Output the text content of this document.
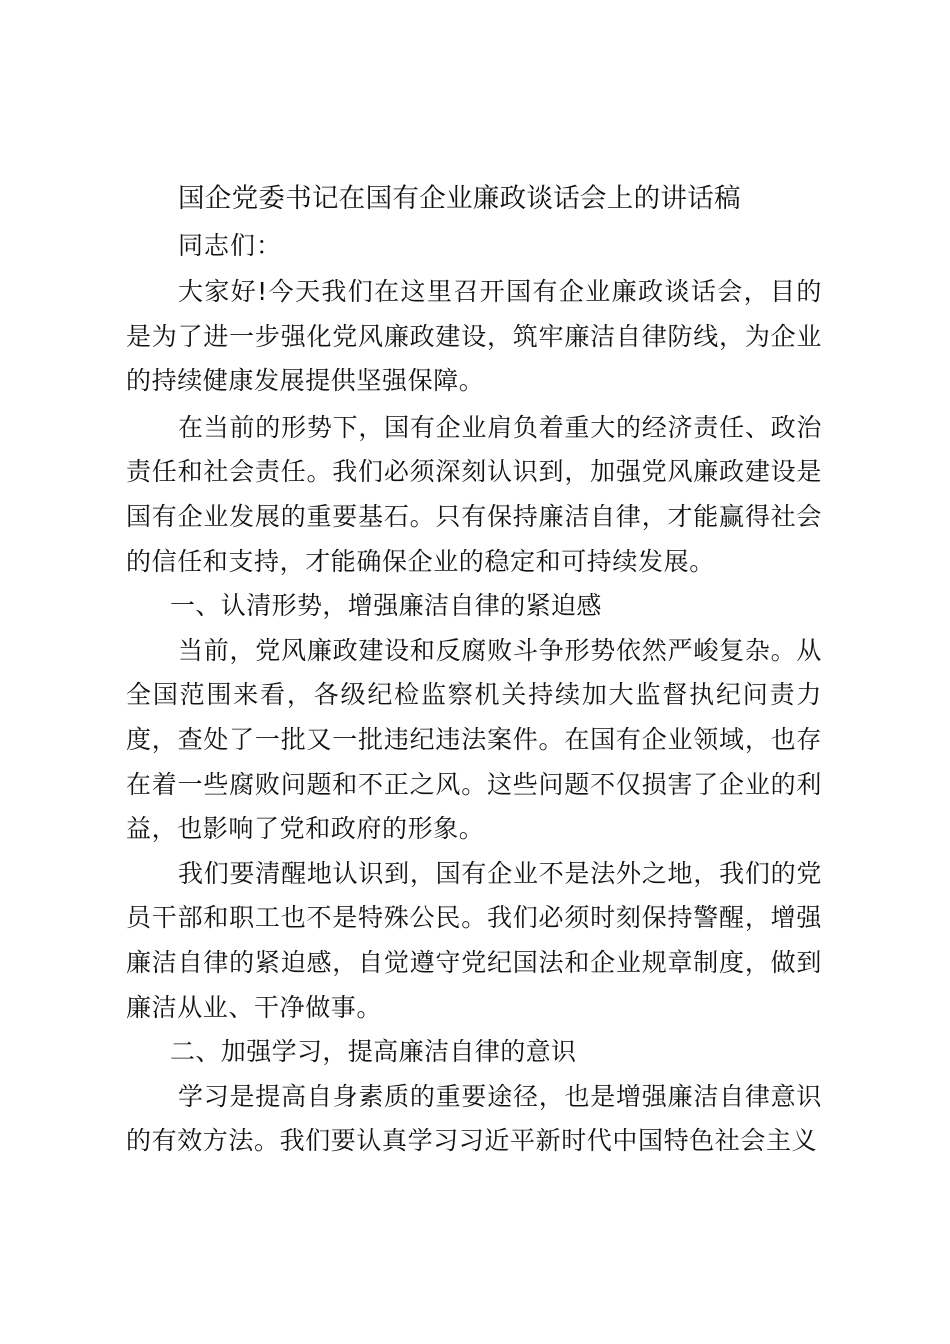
国企党委书记在国有企业廉政谈话会上的讲话稿

同志们：

大家好!今天我们在这里召开国有企业廉政谈话会，目的是为了进一步强化党风廉政建设，筑牢廉洁自律防线，为企业的持续健康发展提供坚强保障。

在当前的形势下，国有企业肩负着重大的经济责任、政治责任和社会责任。我们必须深刻认识到，加强党风廉政建设是国有企业发展的重要基石。只有保持廉洁自律，才能赢得社会的信任和支持，才能确保企业的稳定和可持续发展。

一、认清形势，增强廉洁自律的紧迫感

当前，党风廉政建设和反腐败斗争形势依然严峻复杂。从全国范围来看，各级纪检监察机关持续加大监督执纪问责力度，查处了一批又一批违纪违法案件。在国有企业领域，也存在着一些腐败问题和不正之风。这些问题不仅损害了企业的利益，也影响了党和政府的形象。

我们要清醒地认识到，国有企业不是法外之地，我们的党员干部和职工也不是特殊公民。我们必须时刻保持警醒，增强廉洁自律的紧迫感，自觉遵守党纪国法和企业规章制度，做到廉洁从业、干净做事。

二、加强学习，提高廉洁自律的意识

学习是提高自身素质的重要途径，也是增强廉洁自律意识的有效方法。我们要认真学习习近平新时代中国特色社会主义
